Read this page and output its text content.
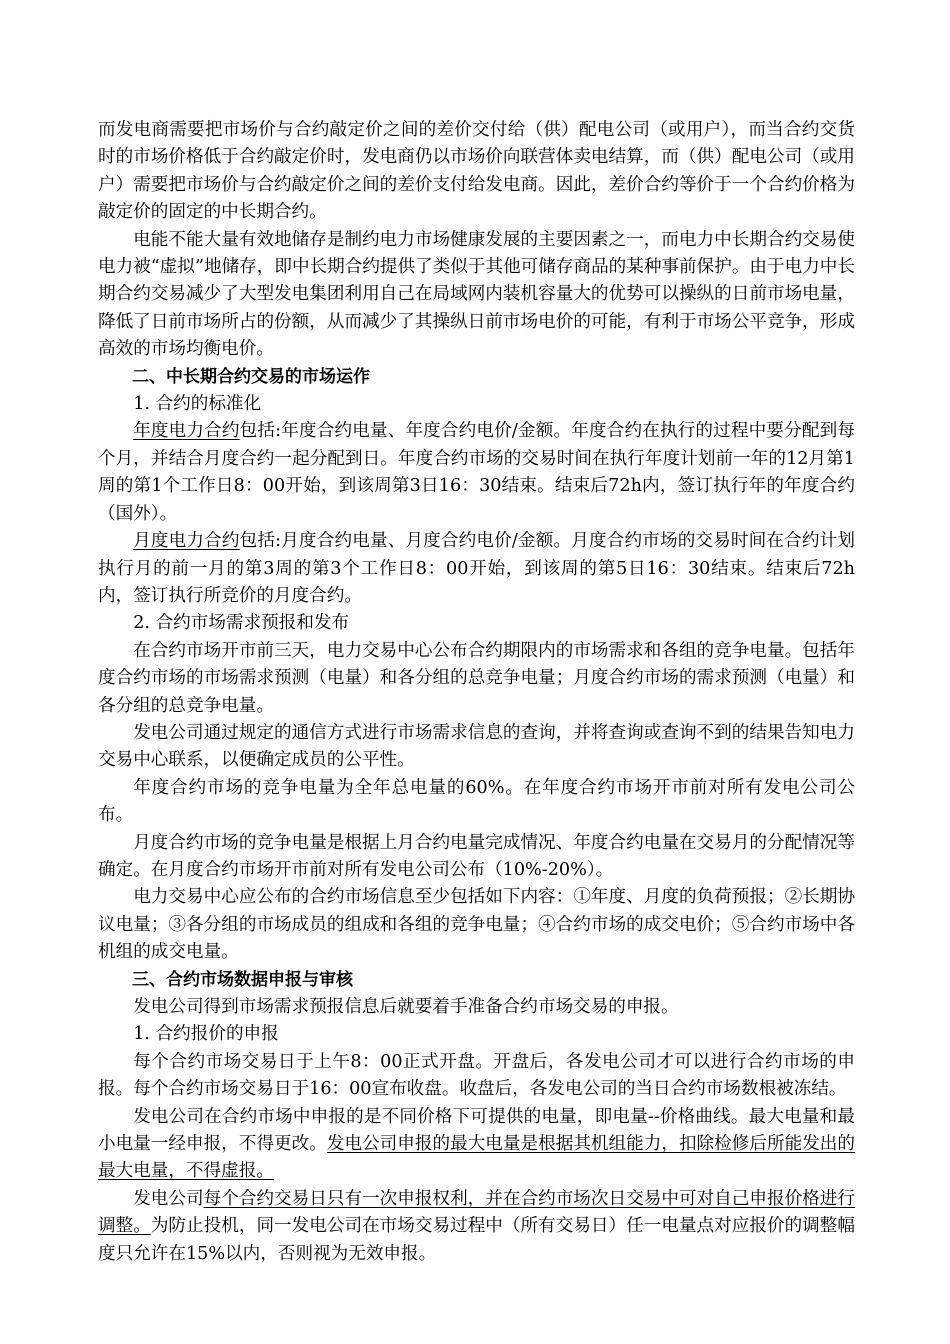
而发电商需要把市场价与合约敲定价之间的差价交付给（供）配电公司（或用户），而当合约交货时的市场价格低于合约敲定价时，发电商仍以市场价向联营体卖电结算，而（供）配电公司（或用户）需要把市场价与合约敲定价之间的差价支付给发电商。因此，差价合约等价于一个合约价格为敲定价的固定的中长期合约。

电能不能大量有效地储存是制约电力市场健康发展的主要因素之一，而电力中长期合约交易使电力被“虚拟”地储存，即中长期合约提供了类似于其他可储存商品的某种事前保护。由于电力中长期合约交易减少了大型发电集团利用自己在局域网内装机容量大的优势可以操纵的日前市场电量，降低了日前市场所占的份额，从而减少了其操纵日前市场电价的可能，有利于市场公平竞争，形成高效的市场均衡电价。

二、中长期合约交易的市场运作

1. 合约的标准化

年度电力合约包括:年度合约电量、年度合约电价/金额。年度合约在执行的过程中要分配到每个月，并结合月度合约一起分配到日。年度合约市场的交易时间在执行年度计划前一年的12月第1周的第1个工作日8：00开始，到该周第3日16：30结束。结束后72h内，签订执行年的年度合约（国外）。

月度电力合约包括:月度合约电量、月度合约电价/金额。月度合约市场的交易时间在合约计划执行月的前一月的第3周的第3个工作日8：00开始，到该周的第5日16：30结束。结束后72h内，签订执行所竞价的月度合约。

2. 合约市场需求预报和发布

在合约市场开市前三天，电力交易中心公布合约期限内的市场需求和各组的竞争电量。包括年度合约市场的市场需求预测（电量）和各分组的总竞争电量；月度合约市场的需求预测（电量）和各分组的总竞争电量。

发电公司通过规定的通信方式进行市场需求信息的查询，并将查询或查询不到的结果告知电力交易中心联系，以便确定成员的公平性。

年度合约市场的竞争电量为全年总电量的60%。在年度合约市场开市前对所有发电公司公布。

月度合约市场的竞争电量是根据上月合约电量完成情况、年度合约电量在交易月的分配情况等确定。在月度合约市场开市前对所有发电公司公布（10%-20%）。

电力交易中心应公布的合约市场信息至少包括如下内容：①年度、月度的负荷预报；②长期协议电量；③各分组的市场成员的组成和各组的竞争电量；④合约市场的成交电价；⑤合约市场中各机组的成交电量。

三、合约市场数据申报与审核

发电公司得到市场需求预报信息后就要着手准备合约市场交易的申报。

1. 合约报价的申报

每个合约市场交易日于上午8：00正式开盘。开盘后，各发电公司才可以进行合约市场的申报。每个合约市场交易日于16：00宣布收盘。收盘后，各发电公司的当日合约市场数根被冻结。

发电公司在合约市场中申报的是不同价格下可提供的电量，即电量--价格曲线。最大电量和最小电量一经申报，不得更改。发电公司申报的最大电量是根据其机组能力，扣除检修后所能发出的最大电量，不得虚报。

发电公司每个合约交易日只有一次申报权利，并在合约市场次日交易中可对自己申报价格进行调整。为防止投机，同一发电公司在市场交易过程中（所有交易日）任一电量点对应报价的调整幅度只允许在15%以内，否则视为无效申报。
